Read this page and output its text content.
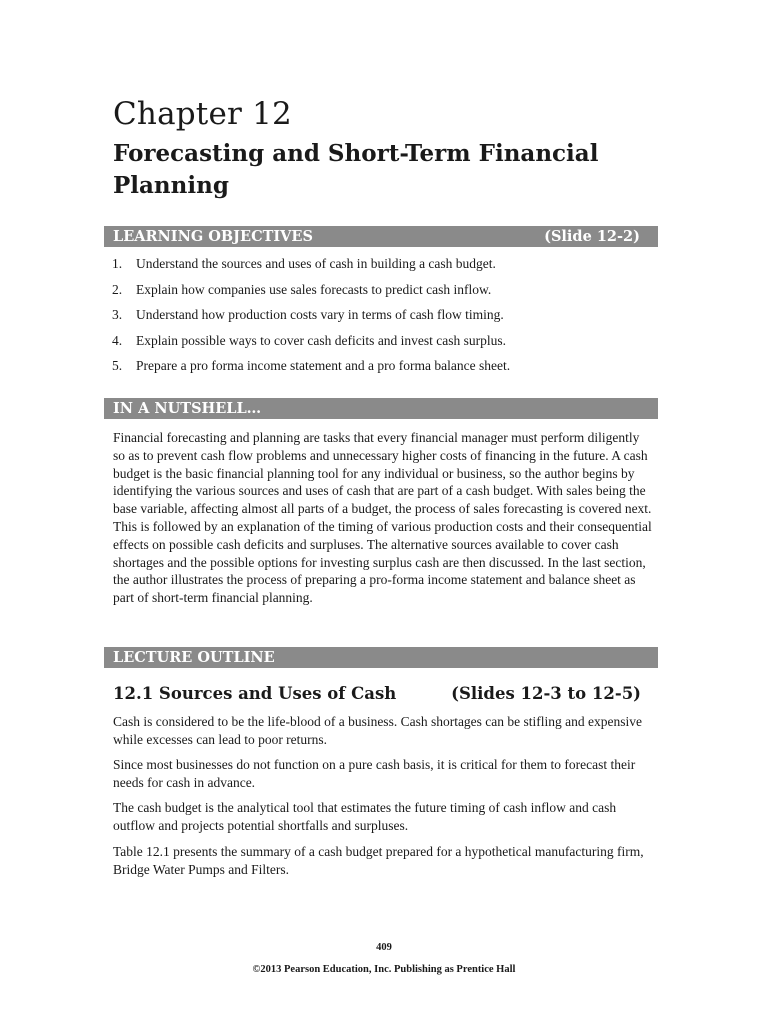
Chapter 12
Forecasting and Short-Term Financial Planning
LEARNING OBJECTIVES	(Slide 12-2)
1.	Understand the sources and uses of cash in building a cash budget.
2.	Explain how companies use sales forecasts to predict cash inflow.
3.	Understand how production costs vary in terms of cash flow timing.
4.	Explain possible ways to cover cash deficits and invest cash surplus.
5.	Prepare a pro forma income statement and a pro forma balance sheet.
IN A NUTSHELL…

Financial forecasting and planning are tasks that every financial manager must perform diligently so as to prevent cash flow problems and unnecessary higher costs of financing in the future. A cash budget is the basic financial planning tool for any individual or business, so the author begins by identifying the various sources and uses of cash that are part of a cash budget. With sales being the base variable, affecting almost all parts of a budget, the process of sales forecasting is covered next. This is followed by an explanation of the timing of various production costs and their consequential effects on possible cash deficits and surpluses. The alternative sources available to cover cash shortages and the possible options for investing surplus cash are then discussed. In the last section, the author illustrates the process of preparing a pro-forma income statement and balance sheet as part of short-term financial planning.

LECTURE OUTLINE
12.1 Sources and Uses of Cash	(Slides 12-3 to 12-5)

Cash is considered to be the life-blood of a business. Cash shortages can be stifling and expensive while excesses can lead to poor returns.

Since most businesses do not function on a pure cash basis, it is critical for them to forecast their needs for cash in advance.

The cash budget is the analytical tool that estimates the future timing of cash inflow and cash outflow and projects potential shortfalls and surpluses.

Table 12.1 presents the summary of a cash budget prepared for a hypothetical manufacturing firm, Bridge Water Pumps and Filters.

409
©2013 Pearson Education, Inc. Publishing as Prentice Hall
